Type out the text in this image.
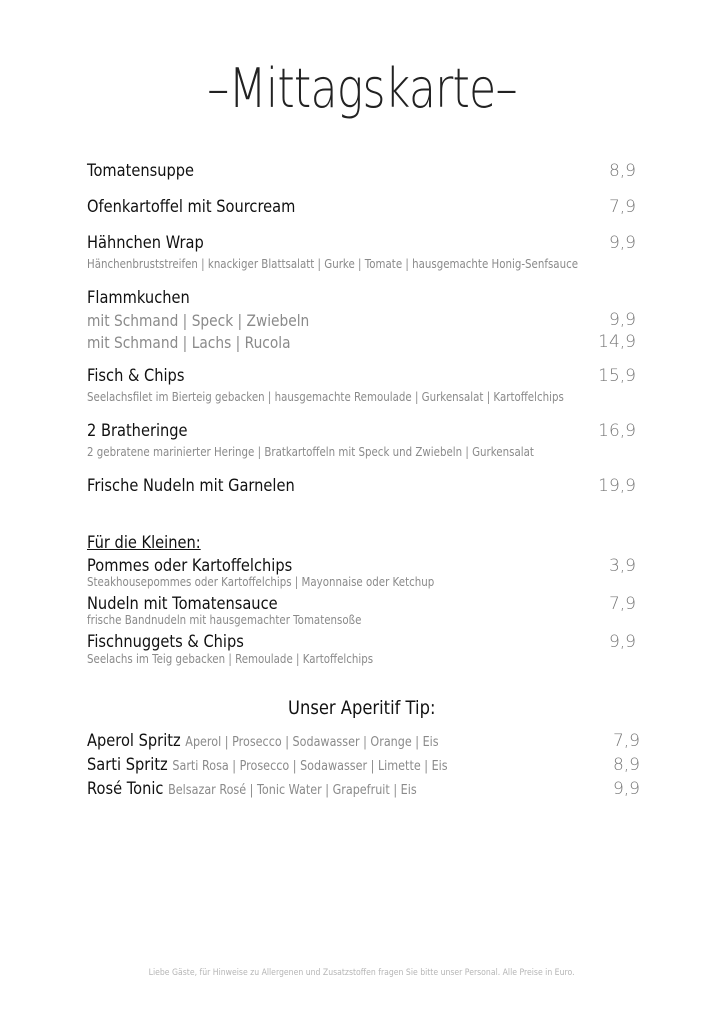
–Mittagskarte–
Tomatensuppe	8,9
Ofenkartoffel mit Sourcream	7,9
Hähnchen Wrap	9,9
Hänchenbruststreifen | knackiger Blattsalatt | Gurke | Tomate | hausgemachte Honig-Senfsauce
Flammkuchen
mit Schmand | Speck | Zwiebeln	9,9
mit Schmand | Lachs | Rucola	14,9
Fisch & Chips	15,9
Seelachsfilet im Bierteig gebacken | hausgemachte Remoulade | Gurkensalat | Kartoffelchips
2 Bratheringe	16,9
2 gebratene marinierter Heringe | Bratkartoffeln mit Speck und Zwiebeln | Gurkensalat
Frische Nudeln mit Garnelen	19,9
Für die Kleinen:
Pommes oder Kartoffelchips	3,9
Steakhousepommes oder Kartoffelchips | Mayonnaise oder Ketchup
Nudeln mit Tomatensauce	7,9
frische Bandnudeln mit hausgemachter Tomatensoße
Fischnuggets & Chips	9,9
Seelachs im Teig gebacken | Remoulade | Kartoffelchips
Unser Aperitif Tip:
Aperol Spritz Aperol | Prosecco | Sodawasser | Orange | Eis	7,9
Sarti Spritz Sarti Rosa | Prosecco | Sodawasser | Limette | Eis	8,9
Rosé Tonic Belsazar Rosé | Tonic Water | Grapefruit | Eis	9,9
Liebe Gäste, für Hinweise zu Allergenen und Zusatzstoffen fragen Sie bitte unser Personal. Alle Preise in Euro.
